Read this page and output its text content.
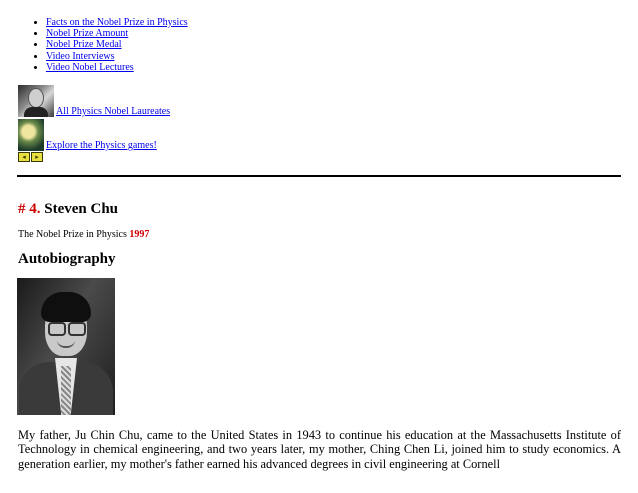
• Facts on the Nobel Prize in Physics
• Nobel Prize Amount
• Nobel Prize Medal
• Video Interviews
• Video Nobel Lectures
All Physics Nobel Laureates
Explore the Physics games!
◂	▸
# 4. Steven Chu

The Nobel Prize in Physics 1997

Autobiography

My father, Ju Chin Chu, came to the United States in 1943 to continue his education at the Massachusetts Institute of Technology in chemical engineering, and two years later, my mother, Ching Chen Li, joined him to study economics. A generation earlier, my mother's father earned his advanced degrees in civil engineering at Cornell
